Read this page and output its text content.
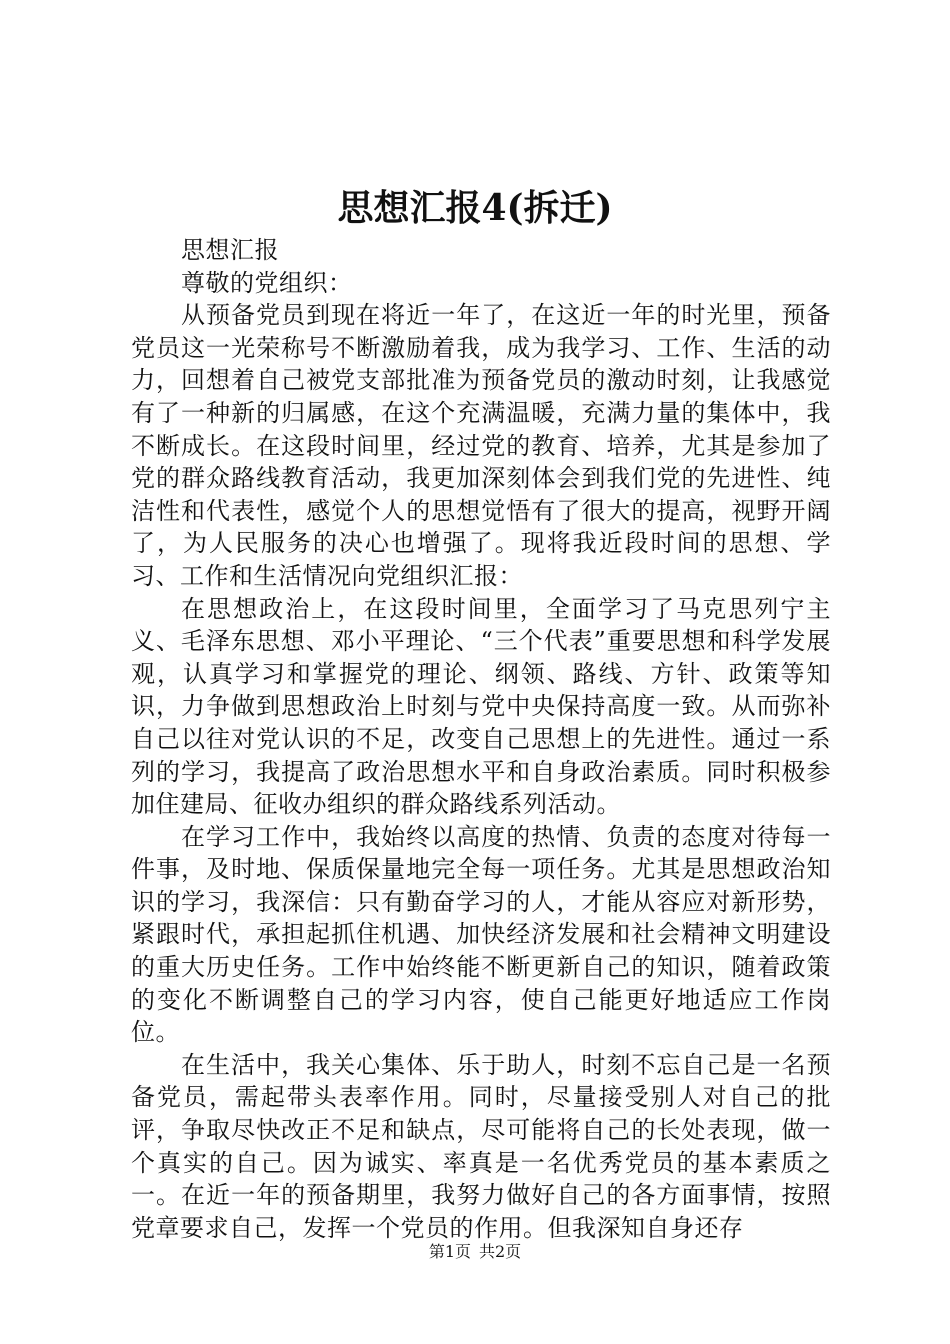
思想汇报4(拆迁)

思想汇报

尊敬的党组织：

从预备党员到现在将近一年了，在这近一年的时光里，预备党员这一光荣称号不断激励着我，成为我学习、工作、生活的动力，回想着自己被党支部批准为预备党员的激动时刻，让我感觉有了一种新的归属感，在这个充满温暖，充满力量的集体中，我不断成长。在这段时间里，经过党的教育、培养，尤其是参加了党的群众路线教育活动，我更加深刻体会到我们党的先进性、纯洁性和代表性，感觉个人的思想觉悟有了很大的提高，视野开阔了，为人民服务的决心也增强了。现将我近段时间的思想、学习、工作和生活情况向党组织汇报：

在思想政治上，在这段时间里，全面学习了马克思列宁主义、毛泽东思想、邓小平理论、“三个代表”重要思想和科学发展观，认真学习和掌握党的理论、纲领、路线、方针、政策等知识，力争做到思想政治上时刻与党中央保持高度一致。从而弥补自己以往对党认识的不足，改变自己思想上的先进性。通过一系列的学习，我提高了政治思想水平和自身政治素质。同时积极参加住建局、征收办组织的群众路线系列活动。

在学习工作中，我始终以高度的热情、负责的态度对待每一件事，及时地、保质保量地完全每一项任务。尤其是思想政治知识的学习，我深信：只有勤奋学习的人，才能从容应对新形势，紧跟时代，承担起抓住机遇、加快经济发展和社会精神文明建设的重大历史任务。工作中始终能不断更新自己的知识，随着政策的变化不断调整自己的学习内容，使自己能更好地适应工作岗位。

在生活中，我关心集体、乐于助人，时刻不忘自己是一名预备党员，需起带头表率作用。同时，尽量接受别人对自己的批评，争取尽快改正不足和缺点，尽可能将自己的长处表现，做一个真实的自己。因为诚实、率真是一名优秀党员的基本素质之一。在近一年的预备期里，我努力做好自己的各方面事情，按照党章要求自己，发挥一个党员的作用。但我深知自身还存

第1页 共2页
